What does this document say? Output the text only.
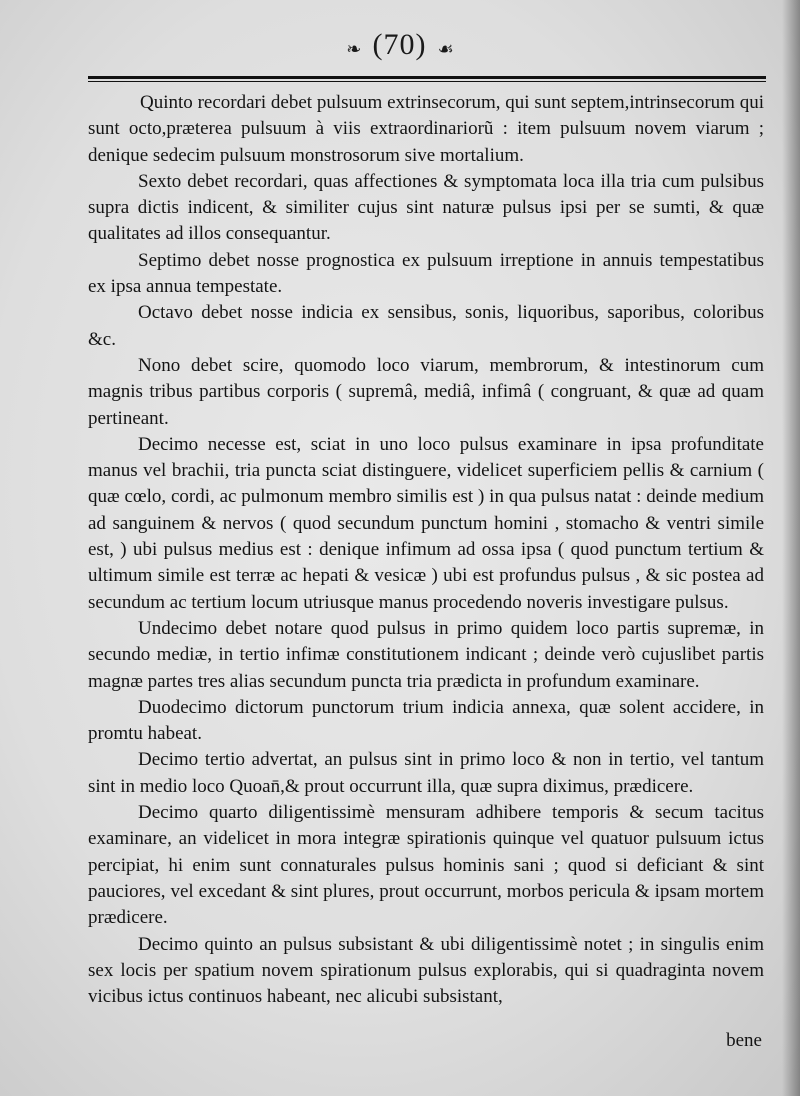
❧ (70) ☙

Quinto recordari debet pulsuum extrinsecorum, qui sunt septem,intrinsecorum qui sunt octo,præterea pulsuum à viis extraordinariorũ : item pulsuum novem viarum ; denique sedecim pulsuum monstrosorum sive mortalium.

Sexto debet recordari, quas affectiones & symptomata loca illa tria cum pulsibus supra dictis indicent, & similiter cujus sint naturæ pulsus ipsi per se sumti, & quæ qualitates ad illos consequantur.

Septimo debet nosse prognostica ex pulsuum irreptione in annuis tempestatibus ex ipsa annua tempestate.

Octavo debet nosse indicia ex sensibus, sonis, liquoribus, saporibus, coloribus &c.

Nono debet scire, quomodo loco viarum, membrorum, & intestinorum cum magnis tribus partibus corporis ( supremâ, mediâ, infimâ ( congruant, & quæ ad quam pertineant.

Decimo necesse est, sciat in uno loco pulsus examinare in ipsa profunditate manus vel brachii, tria puncta sciat distinguere, videlicet superficiem pellis & carnium ( quæ cœlo, cordi, ac pulmonum membro similis est ) in qua pulsus natat : deinde medium ad sanguinem & nervos ( quod secundum punctum homini , stomacho & ventri simile est, ) ubi pulsus medius est : denique infimum ad ossa ipsa ( quod punctum tertium & ultimum simile est terræ ac hepati & vesicæ ) ubi est profundus pulsus , & sic postea ad secundum ac tertium locum utriusque manus procedendo noveris investigare pulsus.

Undecimo debet notare quod pulsus in primo quidem loco partis supremæ, in secundo mediæ, in tertio infimæ constitutionem indicant ; deinde verò cujuslibet partis magnæ partes tres alias secundum puncta tria prædicta in profundum examinare.

Duodecimo dictorum punctorum trium indicia annexa, quæ solent accidere, in promtu habeat.

Decimo tertio advertat, an pulsus sint in primo loco & non in tertio, vel tantum sint in medio loco Quoan̄,& prout occurrunt illa, quæ supra diximus, prædicere.

Decimo quarto diligentissimè mensuram adhibere temporis & secum tacitus examinare, an videlicet in mora integræ spirationis quinque vel quatuor pulsuum ictus percipiat, hi enim sunt connaturales pulsus hominis sani ; quod si deficiant & sint pauciores, vel excedant & sint plures, prout occurrunt, morbos pericula & ipsam mortem prædicere.

Decimo quinto an pulsus subsistant & ubi diligentissimè notet ; in singulis enim sex locis per spatium novem spirationum pulsus explorabis, qui si quadraginta novem vicibus ictus continuos habeant, nec alicubi subsistant,

bene
